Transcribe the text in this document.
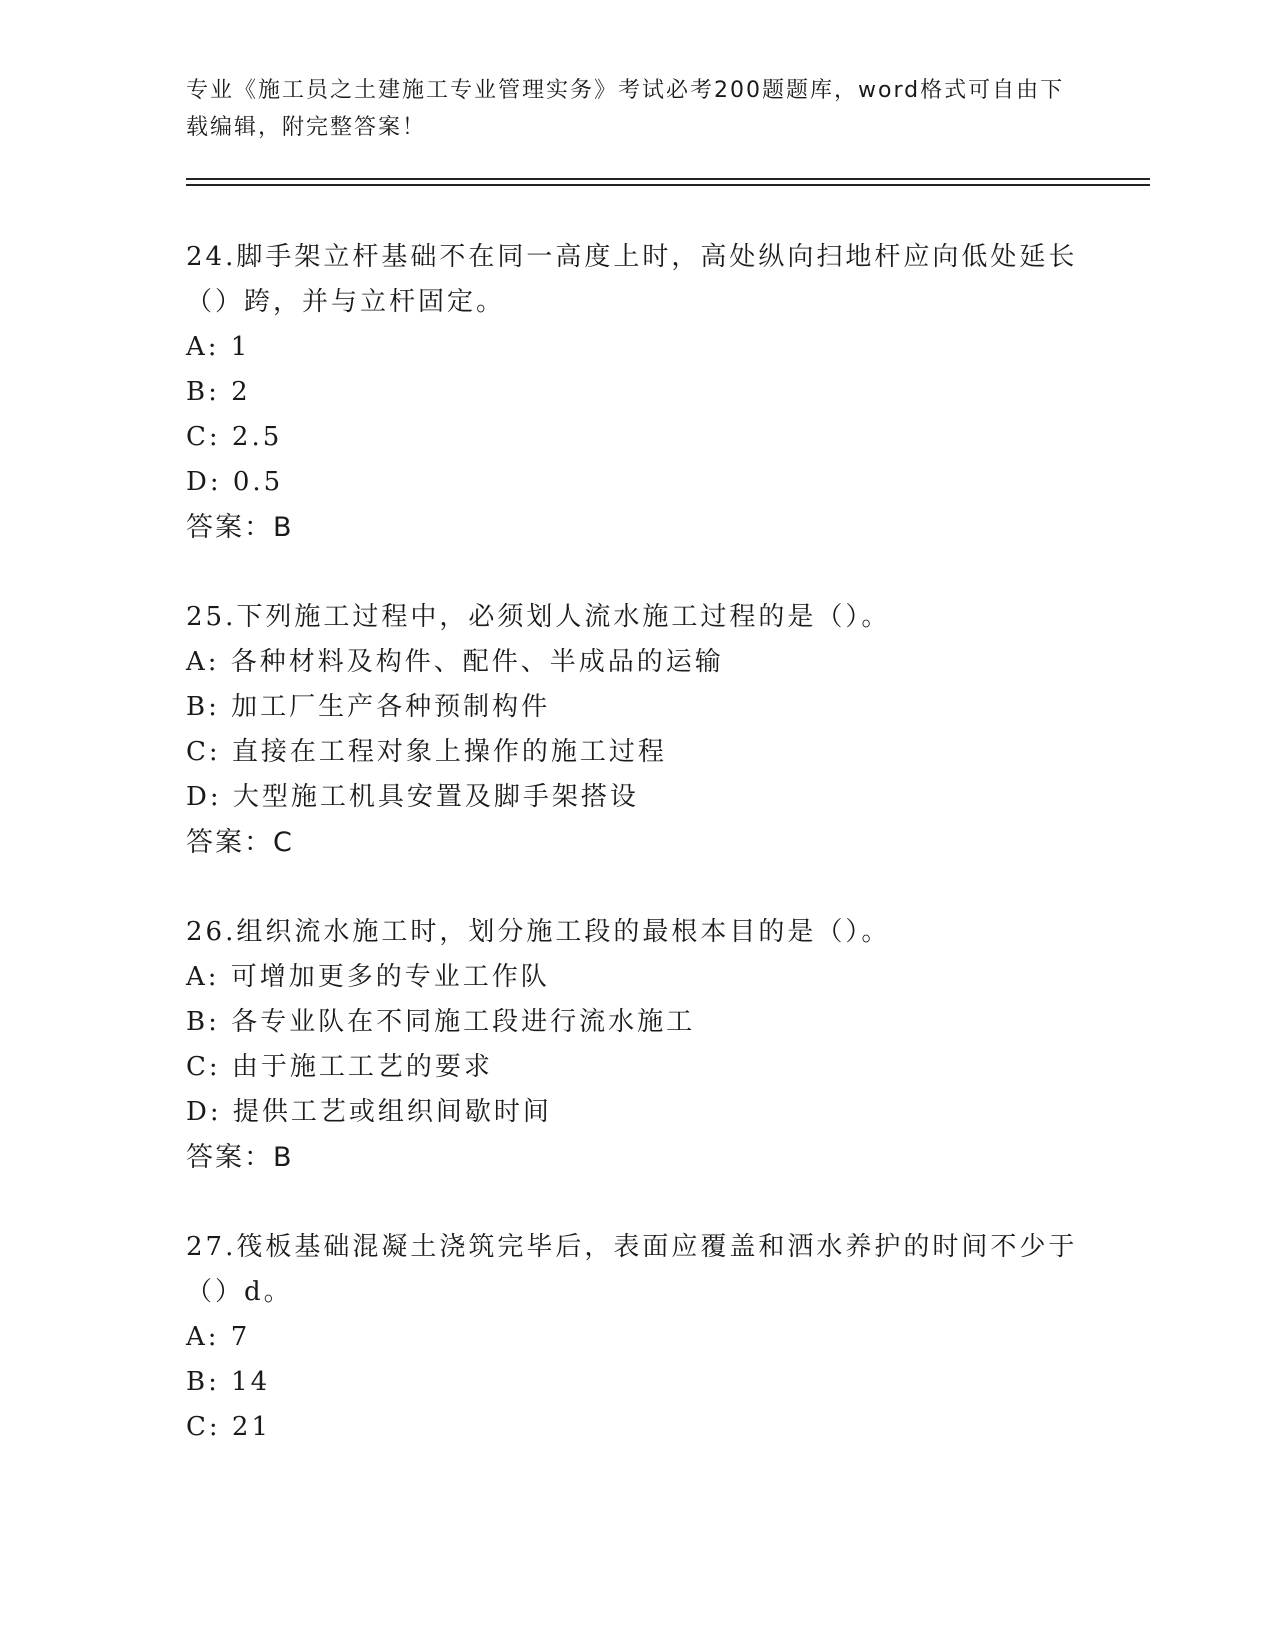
专业《施工员之土建施工专业管理实务》考试必考200题题库，word格式可自由下载编辑，附完整答案！
24.脚手架立杆基础不在同一高度上时，高处纵向扫地杆应向低处延长（）跨，并与立杆固定。
A: 1
B: 2
C: 2.5
D: 0.5
答案：B
25.下列施工过程中，必须划人流水施工过程的是（）。
A: 各种材料及构件、配件、半成品的运输
B: 加工厂生产各种预制构件
C: 直接在工程对象上操作的施工过程
D: 大型施工机具安置及脚手架搭设
答案：C
26.组织流水施工时，划分施工段的最根本目的是（）。
A: 可增加更多的专业工作队
B: 各专业队在不同施工段进行流水施工
C: 由于施工工艺的要求
D: 提供工艺或组织间歇时间
答案：B
27.筏板基础混凝土浇筑完毕后，表面应覆盖和洒水养护的时间不少于（）d。
A: 7
B: 14
C: 21
